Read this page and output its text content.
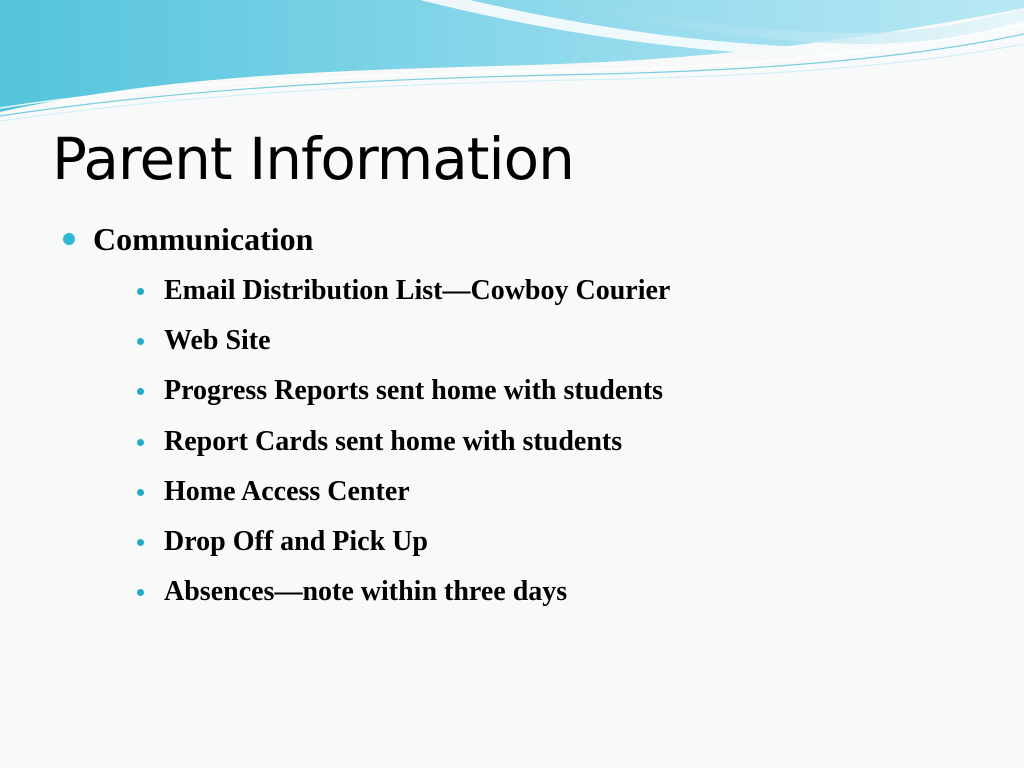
Parent Information
Communication
Email Distribution List—Cowboy Courier
Web Site
Progress Reports sent home with students
Report Cards sent home with students
Home Access Center
Drop Off and Pick Up
Absences—note within three days
